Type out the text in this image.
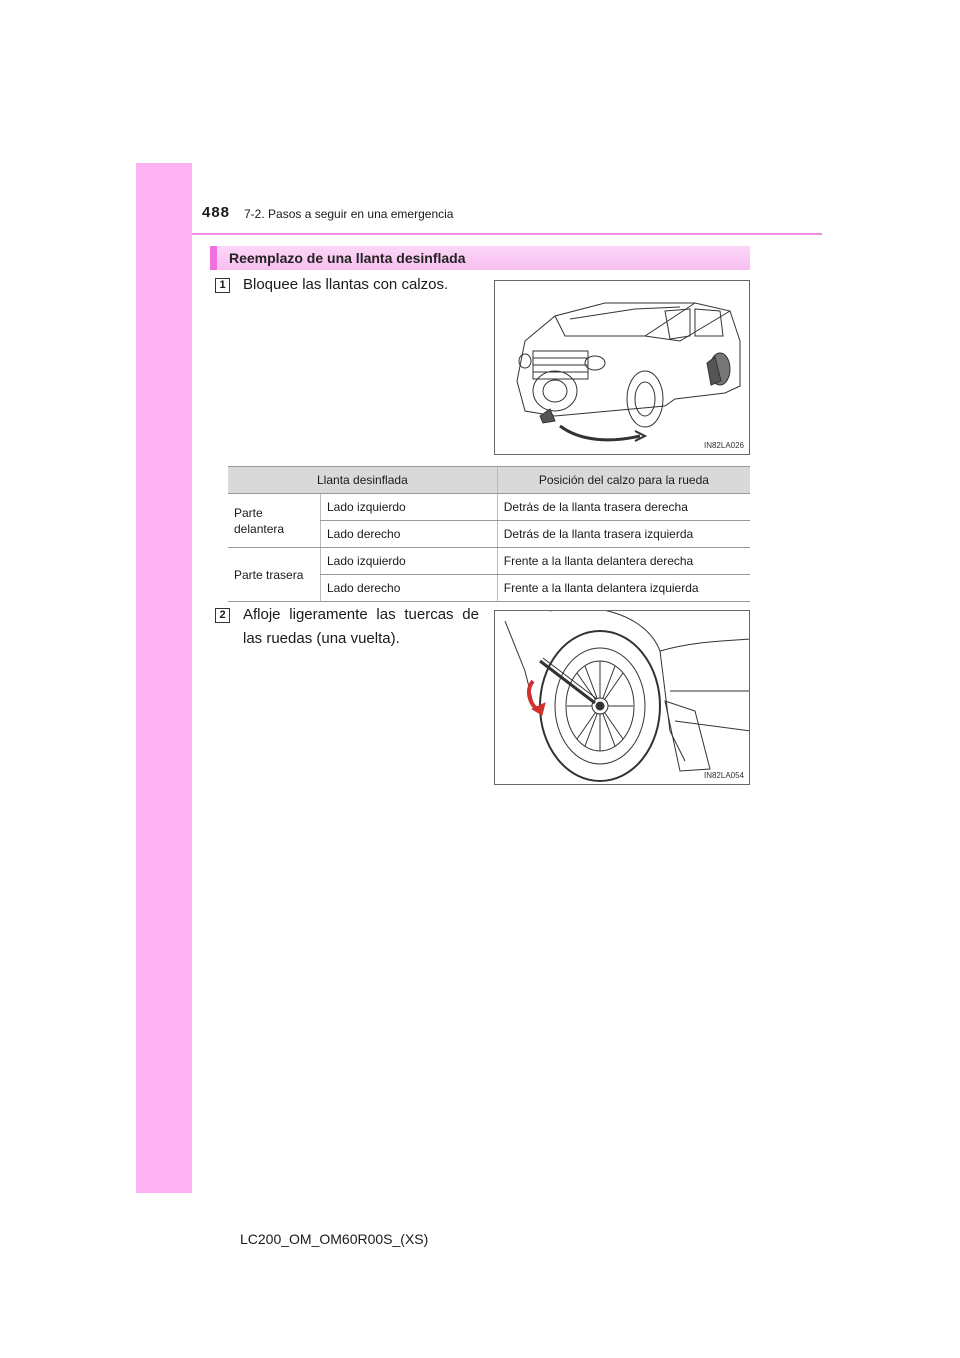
488 7-2. Pasos a seguir en una emergencia
Reemplazo de una llanta desinflada
1 Bloquee las llantas con calzos.
IN82LA026
Llanta desinflada		Posición del calzo para la rueda
Parte
delantera	Lado izquierdo	Detrás de la llanta trasera derecha
	Lado derecho	Detrás de la llanta trasera izquierda
Parte trasera	Lado izquierdo	Frente a la llanta delantera derecha
	Lado derecho	Frente a la llanta delantera izquierda
2 Afloje ligeramente las tuercas de
las ruedas (una vuelta).
IN82LA054
LC200_OM_OM60R00S_(XS)
